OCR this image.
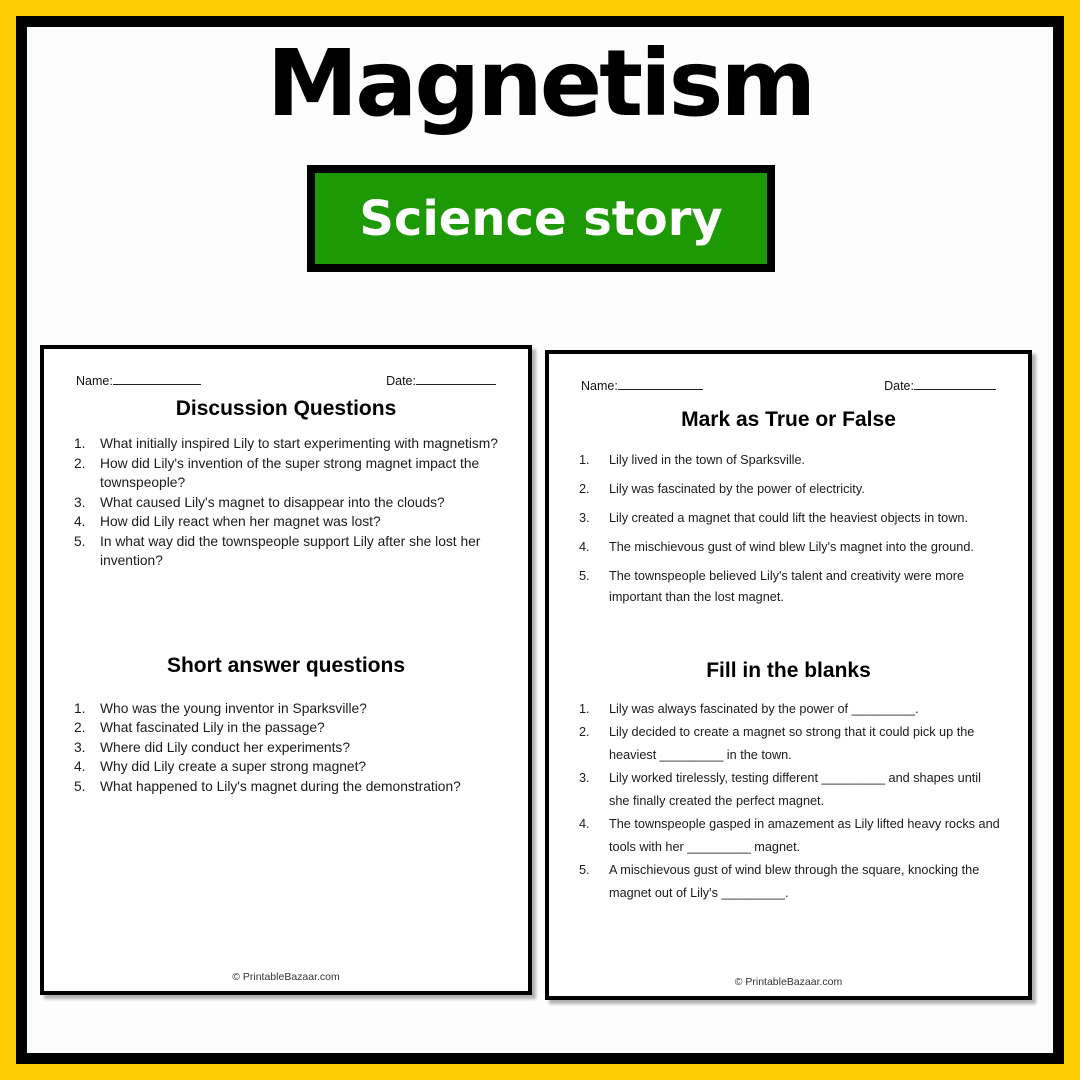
Magnetism
Science story
Name:	Date:
Discussion Questions
1.	What initially inspired Lily to start experimenting with magnetism?
2.	How did Lily's invention of the super strong magnet impact the townspeople?
3.	What caused Lily's magnet to disappear into the clouds?
4.	How did Lily react when her magnet was lost?
5.	In what way did the townspeople support Lily after she lost her invention?
Short answer questions
1.	Who was the young inventor in Sparksville?
2.	What fascinated Lily in the passage?
3.	Where did Lily conduct her experiments?
4.	Why did Lily create a super strong magnet?
5.	What happened to Lily's magnet during the demonstration?
© PrintableBazaar.com
Name:	Date:
Mark as True or False
1.	Lily lived in the town of Sparksville.
2.	Lily was fascinated by the power of electricity.
3.	Lily created a magnet that could lift the heaviest objects in town.
4.	The mischievous gust of wind blew Lily's magnet into the ground.
5.	The townspeople believed Lily's talent and creativity were more important than the lost magnet.
Fill in the blanks
1.	Lily was always fascinated by the power of _________.
2.	Lily decided to create a magnet so strong that it could pick up the heaviest _________ in the town.
3.	Lily worked tirelessly, testing different _________ and shapes until she finally created the perfect magnet.
4.	The townspeople gasped in amazement as Lily lifted heavy rocks and tools with her _________ magnet.
5.	A mischievous gust of wind blew through the square, knocking the magnet out of Lily's _________.
© PrintableBazaar.com
